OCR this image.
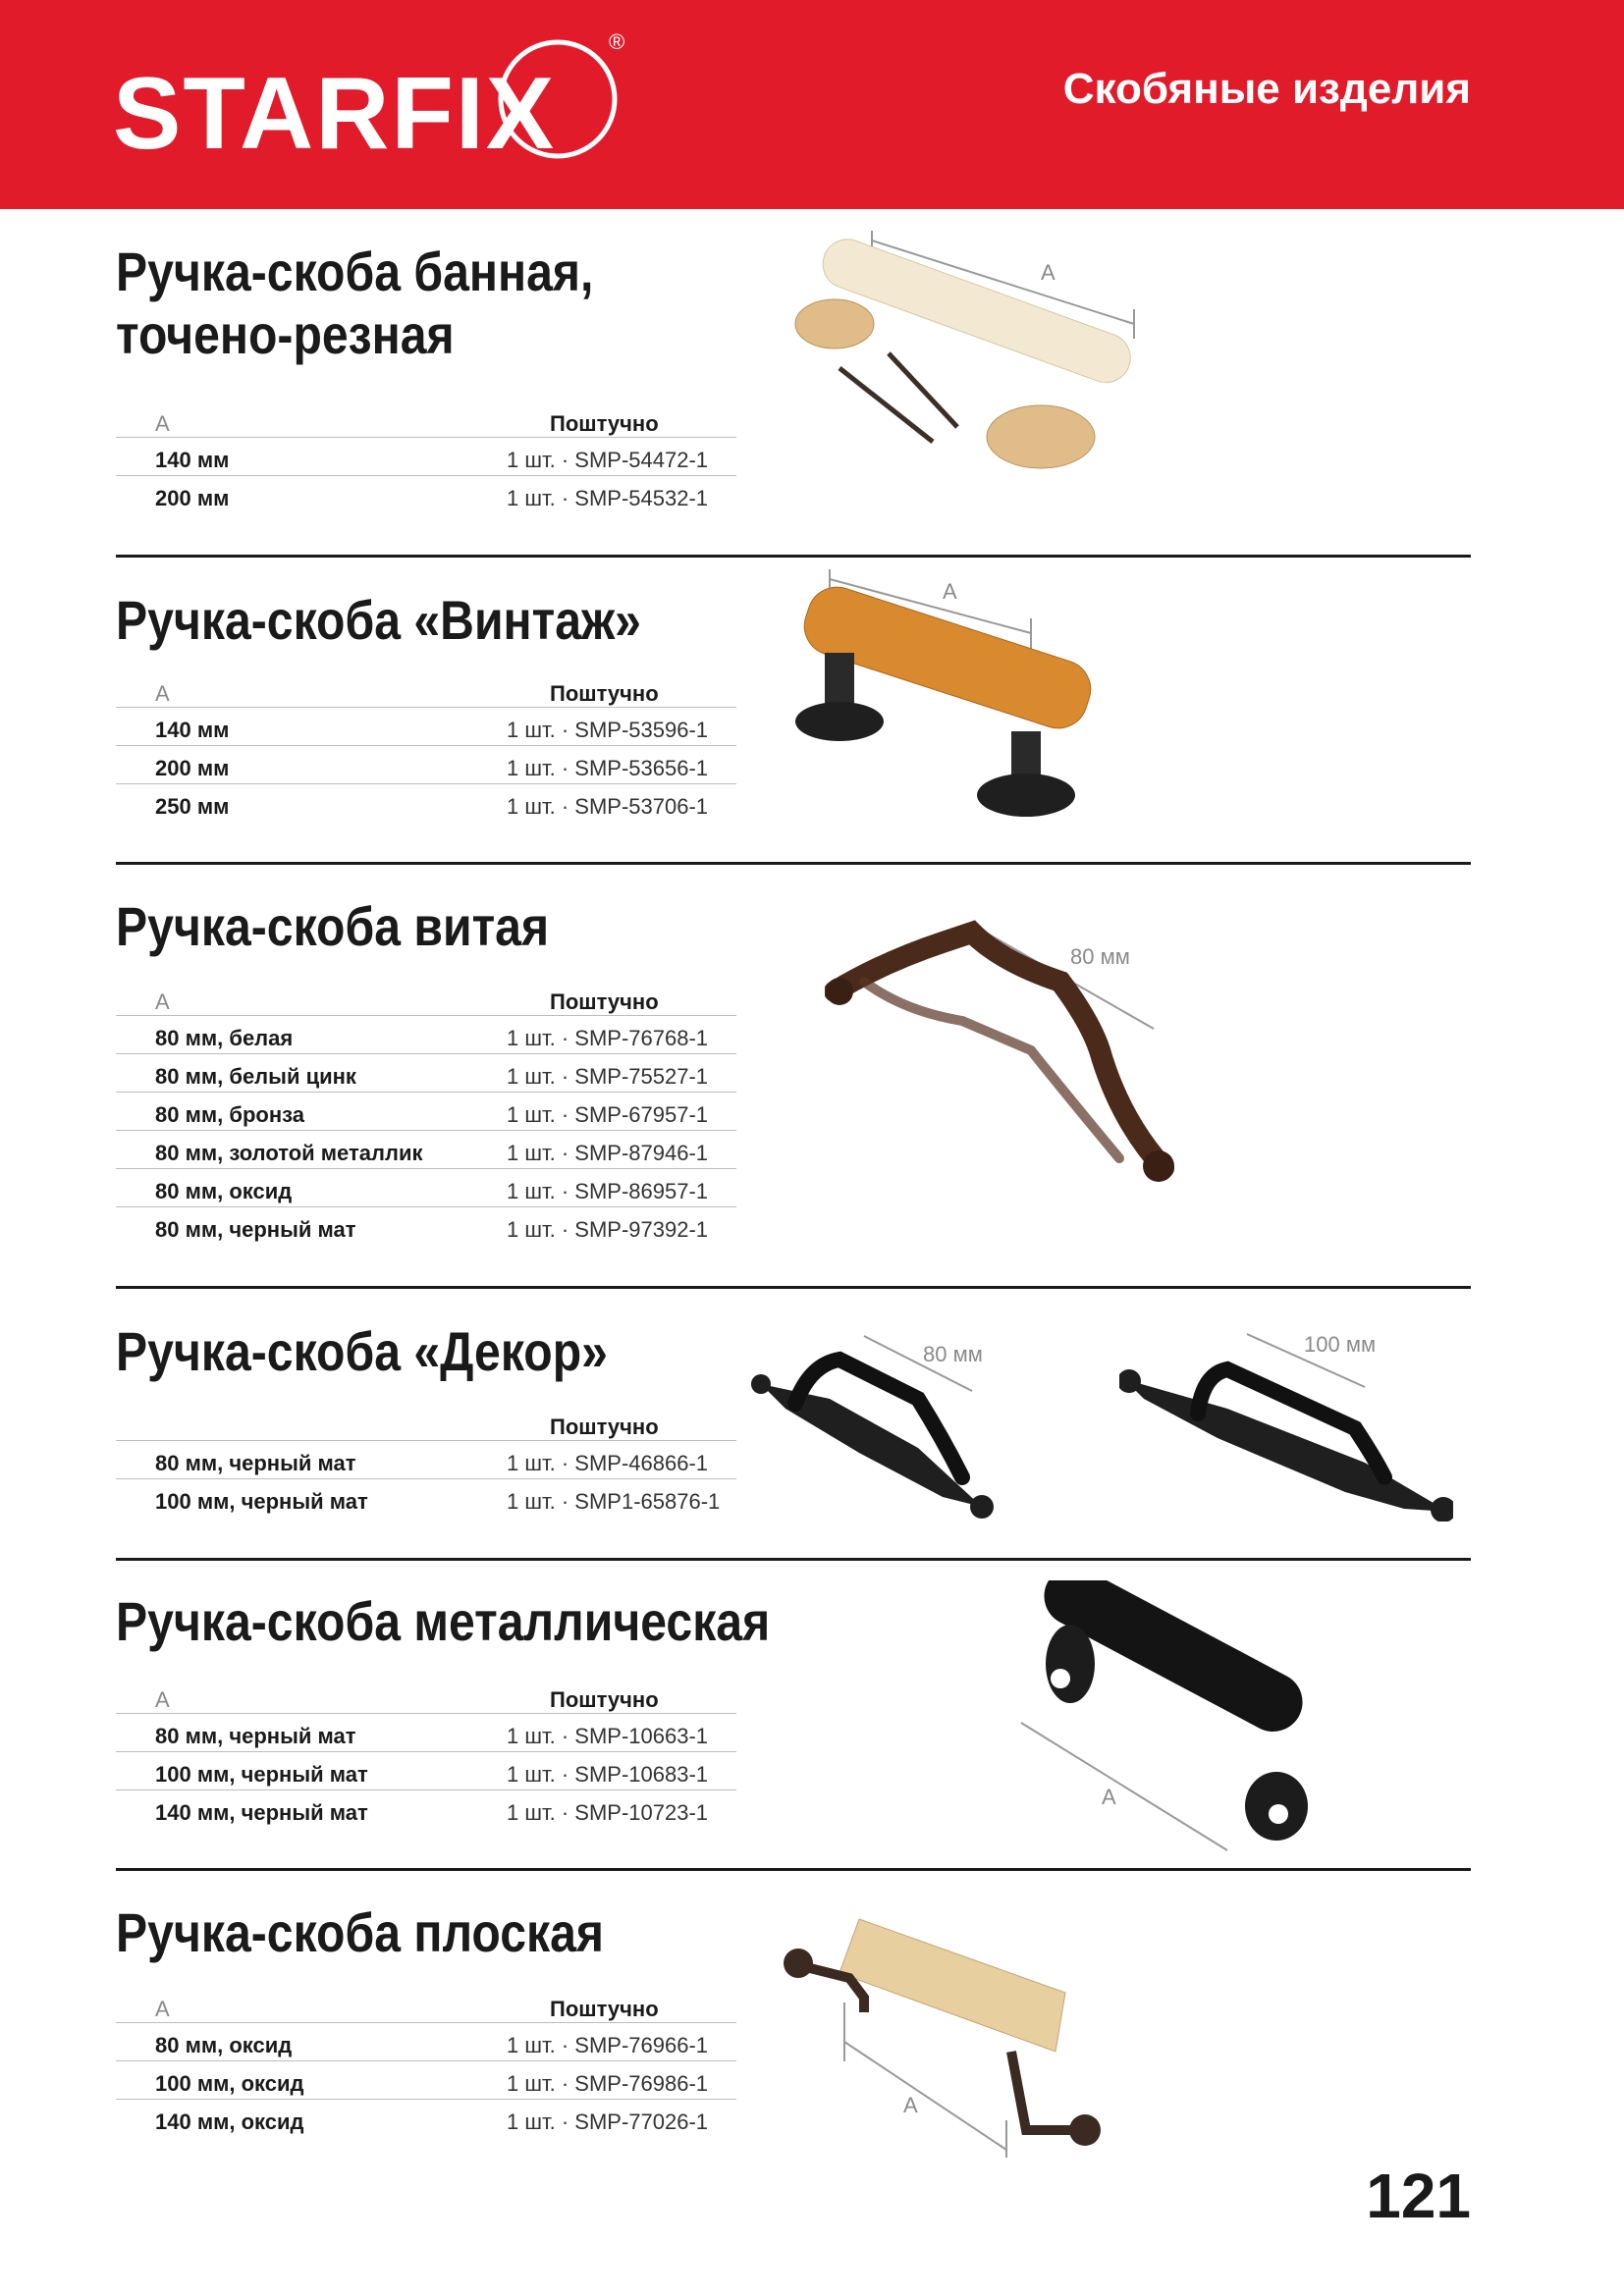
STARFIX
®
Скобяные изделия
Ручка-скоба банная,
точено-резная
A	Поштучно
140 мм	1 шт. · SMP-54472-1
200 мм	1 шт. · SMP-54532-1
A
Ручка-скоба «Винтаж»
A	Поштучно
140 мм	1 шт. · SMP-53596-1
200 мм	1 шт. · SMP-53656-1
250 мм	1 шт. · SMP-53706-1
A
Ручка-скоба витая
A	Поштучно
80 мм, белая	1 шт. · SMP-76768-1
80 мм, белый цинк	1 шт. · SMP-75527-1
80 мм, бронза	1 шт. · SMP-67957-1
80 мм, золотой металлик	1 шт. · SMP-87946-1
80 мм, оксид	1 шт. · SMP-86957-1
80 мм, черный мат	1 шт. · SMP-97392-1
80 мм
Ручка-скоба «Декор»
Поштучно
80 мм, черный мат	1 шт. · SMP-46866-1
100 мм, черный мат	1 шт. · SMP1-65876-1
80 мм	100 мм
Ручка-скоба металлическая
A	Поштучно
80 мм, черный мат	1 шт. · SMP-10663-1
100 мм, черный мат	1 шт. · SMP-10683-1
140 мм, черный мат	1 шт. · SMP-10723-1
A
Ручка-скоба плоская
A	Поштучно
80 мм, оксид	1 шт. · SMP-76966-1
100 мм, оксид	1 шт. · SMP-76986-1
140 мм, оксид	1 шт. · SMP-77026-1
A
121
